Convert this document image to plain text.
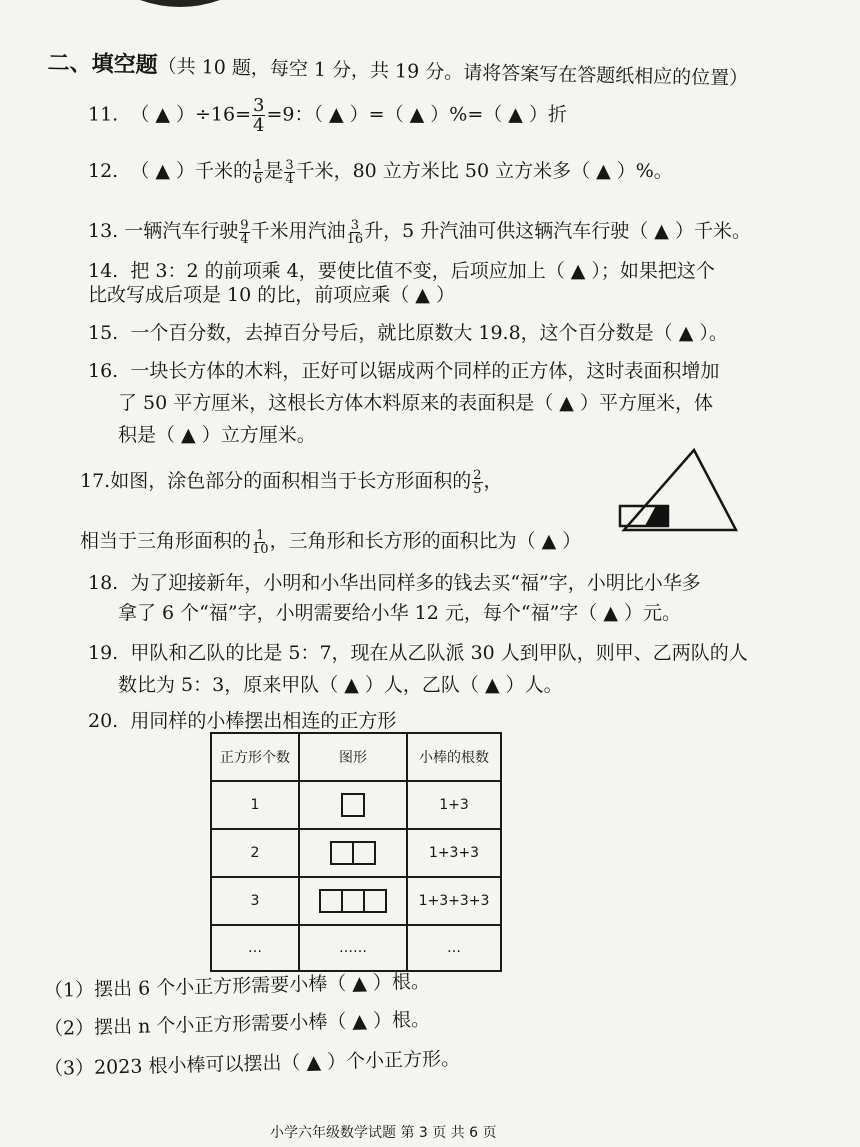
二、填空题（共 10 题，每空 1 分，共 19 分。请将答案写在答题纸相应的位置）
11. （ ▲ ）$\div 16= \frac{3}{4} =9$：（ ▲ ）=（ ▲ ）%=（ ▲ ）折
12. （ ▲ ）千米的 $\frac{1}{6}$ 是 $\frac{3}{4}$ 千米，80 立方米比 50 立方米多（ ▲ ）%。
13. 一辆汽车行驶 $\frac{9}{4}$ 千米用汽油 $\frac{3}{16}$ 升，5 升汽油可供这辆汽车行驶（ ▲ ）千米。
14. 把 3：2 的前项乘 4，要使比值不变，后项应加上（ ▲ ）；如果把这个
比改写成后项是 10 的比，前项应乘（ ▲ ）
15. 一个百分数，去掉百分号后，就比原数大 19.8，这个百分数是（ ▲ ）。
16. 一块长方体的木料，正好可以锯成两个同样的正方体，这时表面积增加
了 50 平方厘米，这根长方体木料原来的表面积是（ ▲ ）平方厘米，体
积是（ ▲ ）立方厘米。
17.如图，涂色部分的面积相当于长方形面积的 $\frac{2}{5}$ ，
相当于三角形面积的 $\frac{1}{10}$ ，三角形和长方形的面积比为（ ▲ ）
18. 为了迎接新年，小明和小华出同样多的钱去买“福”字，小明比小华多
拿了 6 个“福”字，小明需要给小华 12 元，每个“福”字（ ▲ ）元。
19. 甲队和乙队的比是 5：7，现在从乙队派 30 人到甲队，则甲、乙两队的人
数比为 5：3，原来甲队（ ▲ ）人，乙队（ ▲ ）人。
20. 用同样的小棒摆出相连的正方形
正方形个数	图形	小棒的根数
1		1+3
2		1+3+3
3		1+3+3+3
…	……	…
（1）摆出 6 个小正方形需要小棒（ ▲ ）根。
（2）摆出 n 个小正方形需要小棒（ ▲ ）根。
（3）2023 根小棒可以摆出（ ▲ ）个小正方形。
小学六年级数学试题 第 3 页 共 6 页
